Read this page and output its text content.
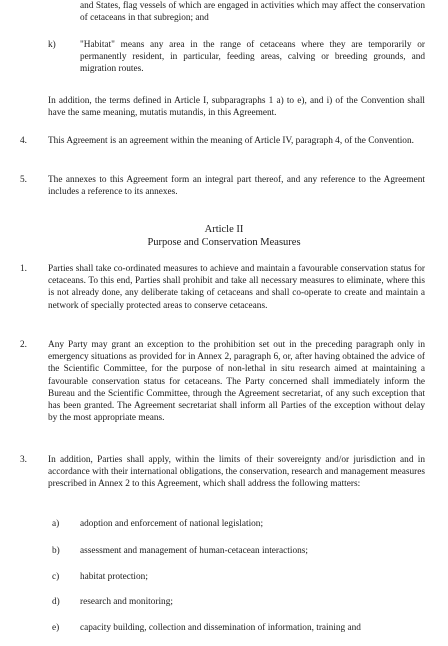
and States, flag vessels of which are engaged in activities which may affect the conservation of cetaceans in that subregion; and

k)	"Habitat" means any area in the range of cetaceans where they are temporarily or permanently resident, in particular, feeding areas, calving or breeding grounds, and migration routes.

In addition, the terms defined in Article I, subparagraphs 1 a) to e), and i) of the Convention shall have the same meaning, mutatis mutandis, in this Agreement.

4. This Agreement is an agreement within the meaning of Article IV, paragraph 4, of the Convention.

5. The annexes to this Agreement form an integral part thereof, and any reference to the Agreement includes a reference to its annexes.

Article II

Purpose and Conservation Measures

1. Parties shall take co-ordinated measures to achieve and maintain a favourable conservation status for cetaceans. To this end, Parties shall prohibit and take all necessary measures to eliminate, where this is not already done, any deliberate taking of cetaceans and shall co-operate to create and maintain a network of specially protected areas to conserve cetaceans.

2. Any Party may grant an exception to the prohibition set out in the preceding paragraph only in emergency situations as provided for in Annex 2, paragraph 6, or, after having obtained the advice of the Scientific Committee, for the purpose of non-lethal in situ research aimed at maintaining a favourable conservation status for cetaceans. The Party concerned shall immediately inform the Bureau and the Scientific Committee, through the Agreement secretariat, of any such exception that has been granted. The Agreement secretariat shall inform all Parties of the exception without delay by the most appropriate means.

3. In addition, Parties shall apply, within the limits of their sovereignty and/or jurisdiction and in accordance with their international obligations, the conservation, research and management measures prescribed in Annex 2 to this Agreement, which shall address the following matters:

a) adoption and enforcement of national legislation;

b) assessment and management of human-cetacean interactions;

c) habitat protection;

d) research and monitoring;

e) capacity building, collection and dissemination of information, training and
